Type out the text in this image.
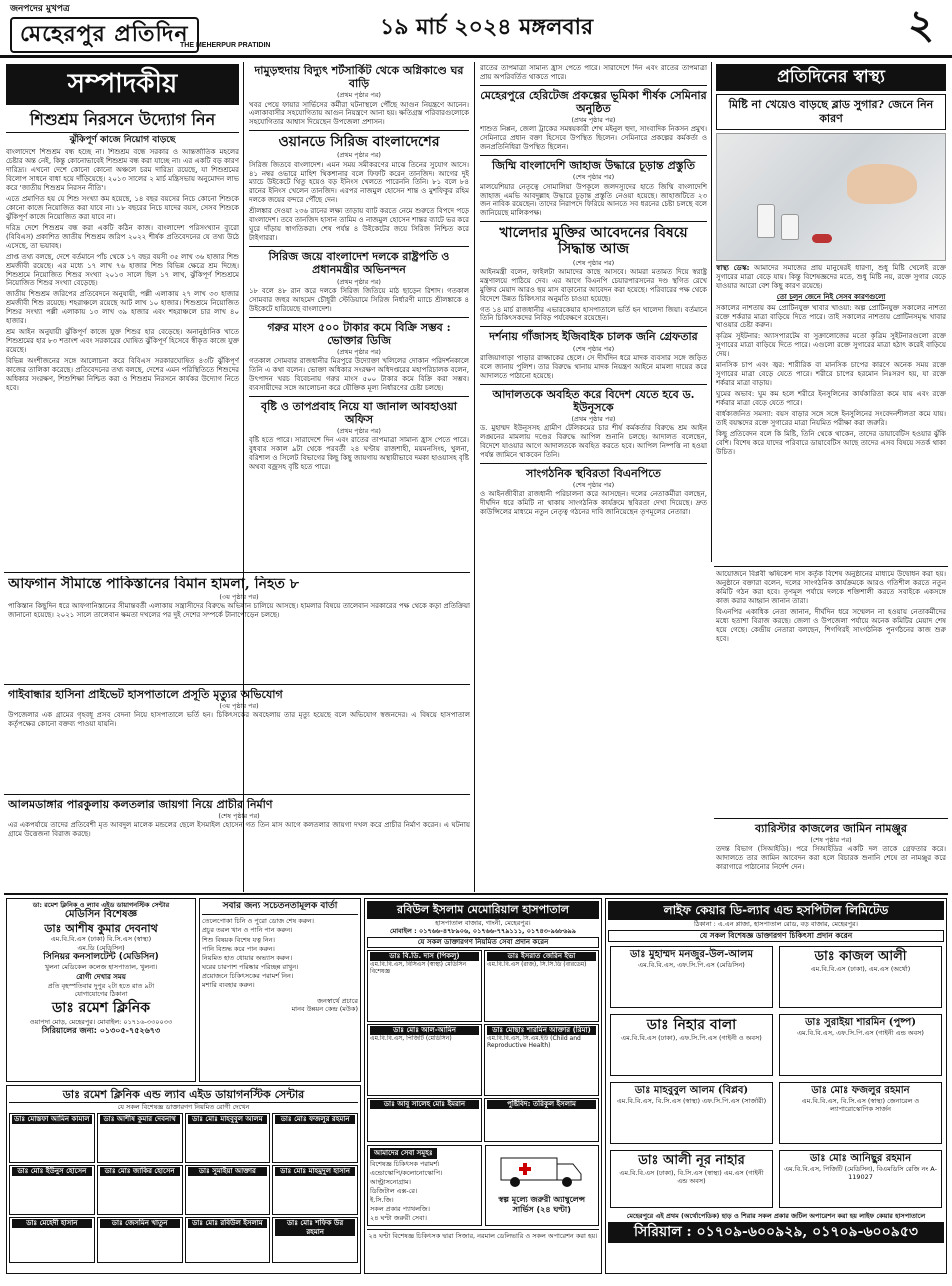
জনপদের মুখপত্র
মেহেরপুর প্রতিদিন
THE MEHERPUR PRATIDIN
১৯ মার্চ ২০২৪ মঙ্গলবার	২
সম্পাদকীয়
শিশুশ্রম নিরসনে উদ্যোগ নিন
ঝুঁকিপূর্ণ কাজে নিয়োগ বাড়ছে

বাংলাদেশে শিশুশ্রম বন্ধ হচ্ছে না। শিশুশ্রম বন্ধে সরকার ও আন্তর্জাতিক মহলের চেষ্টার অন্ত নেই, কিন্তু কোনোভাবেই শিশুশ্রম বন্ধ করা যাচ্ছে না। এর একটি বড় কারণ দারিদ্র্য। এখনো দেশে কোনো কোনো অঞ্চলে চরম দারিদ্র্য রয়েছে, যা শিশুশ্রমের বিলোপ সাধনে বাধা হয়ে দাঁড়িয়েছে। ২০১৩ সালের ২ মার্চ মন্ত্রিসভায় অনুমোদন লাভ করে 'জাতীয় শিশুশ্রম নিরসন নীতি'।

এতে প্রমাণিত হয় যে শিশু সংখ্যা কম হয়েছে, ১৪ বছর বয়সের নিচে কোনো শিশুকে কোনো কাজে নিয়োজিত করা যাবে না। ১৮ বছরের নিচে যাদের বয়স, সেসব শিশুকে ঝুঁকিপূর্ণ কাজে নিয়োজিত করা যাবে না।

দরিদ্র দেশে শিশুশ্রম বন্ধ করা একটি কঠিন কাজ। বাংলাদেশ পরিসংখ্যান ব্যুরো (বিবিএস) প্রকাশিত জাতীয় শিশুশ্রম জরিপ ২০২২ শীর্ষক প্রতিবেদনের যে তথ্য উঠে এসেছে, তা ভয়াবহ।

প্রাপ্ত তথ্য বলছে, দেশে বর্তমানে পাঁচ থেকে ১৭ বছর বয়সী ৩৫ লাখ ৩৬ হাজার শিশু শ্রমজীবী রয়েছে। এর মধ্যে ১৭ লাখ ৭৬ হাজার শিশু বিভিন্ন ক্ষেত্রে শ্রম দিচ্ছে। শিশুশ্রমে নিয়োজিত শিশুর সংখ্যা ২০১৩ সালে ছিল ১৭ লাখ, ঝুঁকিপূর্ণ শিশুশ্রমে নিয়োজিত শিশুর সংখ্যা বেড়েছে।

জাতীয় শিশুশ্রম জরিপের প্রতিবেদনে অনুযায়ী, পল্লী এলাকায় ২৭ লাখ ৩৩ হাজার শ্রমজীবী শিশু রয়েছে। শহরাঞ্চলে রয়েছে আট লাখ ১০ হাজার। শিশুশ্রমে নিয়োজিত শিশুর সংখ্যা পল্লী এলাকায় ১৩ লাখ ৩৯ হাজার এবং শহরাঞ্চলে চার লাখ ৪০ হাজার।

শ্রম আইন অনুযায়ী ঝুঁকিপূর্ণ কাজে যুক্ত শিশুর হার বেড়েছে। অনানুষ্ঠানিক খাতে শিশুশ্রমের হার ৮৩ শতাংশ এবং সরকারের ঘোষিত ঝুঁকিপূর্ণ হিসেবে স্বীকৃত কাজে যুক্ত রয়েছে।

বিভিন্ন অংশীজনের সঙ্গে আলোচনা করে বিবিএস সরকারঘোষিত ৪৩টি ঝুঁকিপূর্ণ কাজের তালিকা করেছে। প্রতিবেদনের তথ্য বলছে, দেশের এমন পরিস্থিতিতে শিশুদের অধিকার সংরক্ষণ, শিশুশিক্ষা নিশ্চিত করা ও শিশুশ্রম নিরসনে কার্যকর উদ্যোগ নিতে হবে।

আফগান সীমান্তে পাকিস্তানের বিমান হামলা, নিহত ৮
(৩য় পৃষ্ঠার পর)
পাকিস্তান কিছুদিন ধরে আফগানিস্তানের সীমান্তবর্তী এলাকায় সন্ত্রাসীদের বিরুদ্ধে অভিযান চালিয়ে আসছে। হামলার বিষয়ে তালেবান সরকারের পক্ষ থেকে কড়া প্রতিক্রিয়া জানানো হয়েছে। ২০২১ সালে তালেবান ক্ষমতা দখলের পর দুই দেশের সম্পর্কে টানাপোড়েন চলছে।
গাইবান্ধার হাসিনা প্রাইভেট হাসপাতালে প্রসূতি মৃত্যুর অভিযোগ
(৩য় পৃষ্ঠার পর)
উপজেলার এক গ্রামের গৃহবধূ প্রসব বেদনা নিয়ে হাসপাতালে ভর্তি হন। চিকিৎসকের অবহেলায় তার মৃত্যু হয়েছে বলে অভিযোগ স্বজনদের। এ বিষয়ে হাসপাতাল কর্তৃপক্ষের কোনো বক্তব্য পাওয়া যায়নি।
আলমডাঙ্গার পারকুলায় কলতলার জায়গা নিয়ে প্রাচীর নির্মাণ
(শেষ পৃষ্ঠার পর)
এর একপর্যায়ে তাদের প্রতিবেশী মৃত আবদুল মালেক মন্ডলের ছেলে ইসমাইল হোসেন গত তিন মাস আগে কলতলার জায়গা দখল করে প্রাচীর নির্মাণ করেন। এ ঘটনায় গ্রামে উত্তেজনা বিরাজ করছে।
দামুড়হুদায় বিদ্যুৎ শর্টসার্কিট থেকে অগ্নিকাণ্ডে ঘর বাড়ি
(প্রথম পৃষ্ঠার পর)
খবর পেয়ে ফায়ার সার্ভিসের কর্মীরা ঘটনাস্থলে পৌঁছে আগুন নিয়ন্ত্রণে আনেন। এলাকাবাসীর সহযোগিতায় আগুন নিয়ন্ত্রণে আনা হয়। ক্ষতিগ্রস্ত পরিবারগুলোকে সহযোগিতার আশ্বাস দিয়েছেন উপজেলা প্রশাসন।
ওয়ানডে সিরিজ বাংলাদেশের
(প্রথম পৃষ্ঠার পর)

সিরিজ জিতবে বাংলাদেশ। এমন সময় সমীকরণের মাঝে তিনের সুযোগ আসে। ৪১ নম্বর ওভারে মাহিশ থিকশানার বলে ফিফটি করেন তানজিদ। আগের দুই ম্যাচে উইকেটে থিতু হয়েও বড় ইনিংস খেলতে পারেননি তিনি। ৮১ বলে ৮৪ রানের ইনিংস খেলেন তানজিদ। এরপর নাজমুল হোসেন শান্ত ও মুশফিকুর রহিম দলকে জয়ের বন্দরে পৌঁছে দেন।

শ্রীলঙ্কার দেওয়া ২৩৬ রানের লক্ষ্য তাড়ায় ব্যাট করতে নেমে শুরুতে বিপদে পড়ে বাংলাদেশ। তবে তানজিদ হাসান তামিম ও নাজমুল হোসেন শান্তর ব্যাটে ভর করে ঘুরে দাঁড়ায় স্বাগতিকরা। শেষ পর্যন্ত ৪ উইকেটের জয়ে সিরিজ নিশ্চিত করে টাইগাররা।

সিরিজ জয়ে বাংলাদেশ দলকে রাষ্ট্রপতি ও প্রধানমন্ত্রীর অভিনন্দন
(প্রথম পৃষ্ঠার পর)
১৮ বলে ৪৮ রান করে দলকে সিরিজ জিতিয়ে মাঠ ছাড়েন রিশাদ। গতকাল সোমবার জহুর আহমেদ চৌধুরী স্টেডিয়ামে সিরিজ নির্ধারণী ম্যাচে শ্রীলঙ্কাকে ৪ উইকেটে হারিয়েছে বাংলাদেশ।
গরুর মাংস ৫০০ টাকার কমে বিক্রি সম্ভব : ভোক্তার ডিজি
(প্রথম পৃষ্ঠার পর)
গতকাল সোমবার রাজধানীর মিরপুরে উদ্যোক্তা খলিলের দোকান পরিদর্শনকালে তিনি এ কথা বলেন। ভোক্তা অধিকার সংরক্ষণ অধিদপ্তরের মহাপরিচালক বলেন, উৎপাদন খরচ বিবেচনায় গরুর মাংস ৫০০ টাকার কমে বিক্রি করা সম্ভব। ব্যবসায়ীদের সঙ্গে আলোচনা করে যৌক্তিক মূল্য নির্ধারণের চেষ্টা চলছে।
বৃষ্টি ও তাপপ্রবাহ নিয়ে যা জানাল আবহাওয়া অফিস
(প্রথম পৃষ্ঠার পর)
বৃষ্টি হতে পারে। সারাদেশে দিন এবং রাতের তাপমাত্রা সামান্য হ্রাস পেতে পারে। বুধবার সকাল ৯টা থেকে পরবর্তী ২৪ ঘণ্টায় রাজশাহী, ময়মনসিংহ, খুলনা, বরিশাল ও সিলেট বিভাগের কিছু কিছু জায়গায় অস্থায়ীভাবে দমকা হাওয়াসহ বৃষ্টি অথবা বজ্রসহ বৃষ্টি হতে পারে।
রাতের তাপমাত্রা সামান্য হ্রাস পেতে পারে। সারাদেশে দিন এবং রাতের তাপমাত্রা প্রায় অপরিবর্তিত থাকতে পারে।
মেহেরপুরে হেরিটেজ প্রকল্পের ভূমিকা শীর্ষক সেমিনার অনুষ্ঠিত
(প্রথম পৃষ্ঠার পর)
শাশুত নিপ্পন, জেলা ট্রাকের সমন্বয়কারী শেখ মইনুল হুদা, সাংবাদিক নিকসন প্রমুখ। সেমিনারে প্রধান বক্তা হিসেবে উপস্থিত ছিলেন। সেমিনারে প্রকল্পের কর্মকর্তা ও জনপ্রতিনিধিরা উপস্থিত ছিলেন।
জিম্মি বাংলাদেশি জাহাজ উদ্ধারে চূড়ান্ত প্রস্তুতি
(শেষ পৃষ্ঠার পর)
মালয়েশিয়ার নেতৃত্বে সোমালিয়া উপকূলে জলদস্যুদের হাতে জিম্মি বাংলাদেশি জাহাজ এমভি আবদুল্লাহ উদ্ধারে চূড়ান্ত প্রস্তুতি নেওয়া হয়েছে। জাহাজটিতে ২৩ জন নাবিক রয়েছেন। তাদের নিরাপদে ফিরিয়ে আনতে সব ধরনের চেষ্টা চলছে বলে জানিয়েছে মালিকপক্ষ।
খালেদার মুক্তির আবেদনের বিষয়ে সিদ্ধান্ত আজ
(শেষ পৃষ্ঠার পর)

আইনমন্ত্রী বলেন, ফাইলটা আমাদের কাছে আসবে। আমরা মতামত দিয়ে স্বরাষ্ট্র মন্ত্রণালয়ে পাঠিয়ে দেব। এর আগে বিএনপি চেয়ারপারসনের দণ্ড স্থগিত রেখে মুক্তির মেয়াদ আরও ছয় মাস বাড়ানোর আবেদন করা হয়েছে। পরিবারের পক্ষ থেকে বিদেশে উন্নত চিকিৎসার অনুমতি চাওয়া হয়েছে।

গত ১৪ মার্চ রাজধানীর এভারকেয়ার হাসপাতালে ভর্তি হন খালেদা জিয়া। বর্তমানে তিনি চিকিৎসকদের নিবিড় পর্যবেক্ষণে রয়েছেন।

দর্শনায় গাঁজাসহ ইজিবাইক চালক জনি গ্রেফতার
(শেষ পৃষ্ঠার পর)
রাজিয়াগাড়া পাড়ার রাজ্জাকের ছেলে। সে দীর্ঘদিন ধরে মাদক ব্যবসার সঙ্গে জড়িত বলে জানায় পুলিশ। তার বিরুদ্ধে থানায় মাদক নিয়ন্ত্রণ আইনে মামলা দায়ের করে আদালতে পাঠানো হয়েছে।
আদালতকে অবহিত করে বিদেশ যেতে হবে ড. ইউনূসকে
(প্রথম পৃষ্ঠার পর)
ড. মুহাম্মদ ইউনূসসহ গ্রামীণ টেলিকমের চার শীর্ষ কর্মকর্তার বিরুদ্ধে শ্রম আইন লঙ্ঘনের মামলায় দণ্ডের বিরুদ্ধে আপিল শুনানি চলছে। আদালত বলেছেন, বিদেশে যাওয়ার আগে আদালতকে অবহিত করতে হবে। আপিল নিষ্পত্তি না হওয়া পর্যন্ত জামিনে থাকবেন তিনি।
সাংগঠনিক স্থবিরতা বিএনপিতে
(শেষ পৃষ্ঠার পর)
ও আইনজীবীরা রাজধানী পরিচালনা করে আসছেন। দলের নেতাকর্মীরা বলছেন, দীর্ঘদিন ধরে কমিটি না থাকায় সাংগঠনিক কার্যক্রমে স্থবিরতা দেখা দিয়েছে। দ্রুত কাউন্সিলের মাধ্যমে নতুন নেতৃত্ব গঠনের দাবি জানিয়েছেন তৃণমূলের নেতারা।
প্রতিদিনের স্বাস্থ্য
মিষ্টি না খেয়েও বাড়ছে ব্লাড সুগার? জেনে নিন কারণ

স্বাস্থ্য ডেস্ক: আমাদের সমাজের প্রায় মানুষেরই ধারণা, শুধু মিষ্টি খেলেই রক্তে সুগারের মাত্রা বেড়ে যায়। কিন্তু বিশেষজ্ঞদের মতে, শুধু মিষ্টি নয়, রক্তে সুগার বেড়ে যাওয়ার আরো বেশ কিছু কারণ রয়েছে।

তো চলুন জেনে নিই সেসব কারণগুলো

সকালের নাশতায় কম প্রোটিনযুক্ত খাবার খাওয়া: অল্প প্রোটিনযুক্ত সকালের নাশতা রক্তে শর্করার মাত্রা বাড়িয়ে দিতে পারে। তাই সকালের নাশতায় প্রোটিনসমৃদ্ধ খাবার খাওয়ার চেষ্টা করুন।

কৃত্রিম সুইটনার: অ্যাসপারটেম বা সুক্রালোজের মতো কৃত্রিম সুইটনারগুলো রক্তে সুগারের মাত্রা বাড়িয়ে দিতে পারে। এগুলো রক্তে সুগারের মাত্রা হঠাৎ করেই বাড়িয়ে দেয়।

মানসিক চাপ এবং জ্বর: শারীরিক বা মানসিক চাপের কারণে অনেক সময় রক্তে সুগারের মাত্রা বেড়ে যেতে পারে। শরীরে চাপের হরমোন নিঃসরণ হয়, যা রক্তে শর্করার মাত্রা বাড়ায়।

ঘুমের অভাব: ঘুম কম হলে শরীরে ইনসুলিনের কার্যকারিতা কমে যায় এবং রক্তে শর্করার মাত্রা বেড়ে যেতে পারে।

বার্ধক্যজনিত সমস্যা: বয়স বাড়ার সঙ্গে সঙ্গে ইনসুলিনের সংবেদনশীলতা কমে যায়। তাই বয়স্কদের রক্তে সুগারের মাত্রা নিয়মিত পরীক্ষা করা জরুরি।

কিছু প্রতিবেদন বলে কি মিষ্টি, তিনি থেকে থাকেন, তাদের ডায়াবেটিস হওয়ার ঝুঁকি বেশি। বিশেষ করে যাদের পরিবারে ডায়াবেটিস আছে তাদের এসব বিষয়ে সতর্ক থাকা উচিত।

আয়োজনে বিপ্লবী ঋষিকেশ দাস কর্তৃক বিশেষ অনুষ্ঠানের মাধ্যমে উদ্বোধন করা হয়। অনুষ্ঠানে বক্তারা বলেন, দলের সাংগঠনিক কার্যক্রমকে আরও গতিশীল করতে নতুন কমিটি গঠন করা হবে। তৃণমূল পর্যায়ে দলকে শক্তিশালী করতে সবাইকে একসঙ্গে কাজ করার আহ্বান জানান তারা।

বিএনপির একাধিক নেতা জানান, দীর্ঘদিন ধরে সম্মেলন না হওয়ায় নেতাকর্মীদের মধ্যে হতাশা বিরাজ করছে। জেলা ও উপজেলা পর্যায়ে অনেক কমিটির মেয়াদ শেষ হয়ে গেছে। কেন্দ্রীয় নেতারা বলছেন, শিগগিরই সাংগঠনিক পুনর্গঠনের কাজ শুরু হবে।

ব্যারিস্টার কাজলের জামিন নামঞ্জুর
(শেষ পৃষ্ঠার পর)
তদন্ত বিভাগ (সিআইডি)। পরে সিআইডির একটি দল তাকে গ্রেফতার করে। আদালতে তার জামিন আবেদন করা হলে বিচারক শুনানি শেষে তা নামঞ্জুর করে কারাগারে পাঠানোর নির্দেশ দেন।
ডা: রমেশ ক্লিনিক ও ল্যাব এইড ডায়াগনস্টিক সেন্টার
মেডিসিন বিশেষজ্ঞ
ডাঃ আশীষ কুমার দেবনাথ
এম.বি.বি.এস (ঢাকা) বি.সি.এস (স্বাস্থ্য)
এম.ডি (মেডিসিন)
সিনিয়র কনসালটেন্ট (মেডিসিন)
খুলনা মেডিকেল কলেজ হাসপাতাল, খুলনা।
রোগী দেখার সময়
প্রতি বৃহস্পতিবার দুপুর ২টা হতে রাত ৯টা
যোগাযোগের ঠিকানা
ডাঃ রমেশ ক্লিনিক
ওয়াপদা মোড়, মেহেরপুর। মোবাইল: ০১৭১৬-৩৩০০৩৩
সিরিয়ালের জন্য: ০১৩০৫-৭৫২৬৭৩
সবার জন্য সচেতনতামূলক বার্তা
তেলেপোকা চিনি ও পুরো ডোজ শেষ করুন।
প্রচুর তরল খান ও পানি পান করুন।
শিশু বিষয়ক বিশেষ যত্ন নিন।
পানি বিশুদ্ধ করে পান করুন।
নিয়মিত হাত ধোয়ার অভ্যাস করুন।
ঘরের চারপাশ পরিষ্কার পরিচ্ছন্ন রাখুন।
প্রয়োজনে চিকিৎসকের পরামর্শ নিন।
মশারি ব্যবহার করুন।
জনস্বার্থে প্রচারে
মানব উন্নয়ন কেন্দ্র (মউক)
রবিউল ইসলাম মেমোরিয়াল হাসপাতাল
হাসপাতাল বাজার, গাংনী, মেহেরপুর।
মোবাইল : ০১৭৬৬-৪৭৮৯০৬, ০১৭৬৬-৭৭৯১১১, ০১৭৪৩-৯৬৮৬৯৯
যে সকল ডাক্তারগণ নিয়মিত সেবা প্রদান করেন
ডাঃ বি.ডি. দাস (পিকলু)
এম.বি.বি.এস, বিসিএস (স্বাস্থ্য) মেডিসিন বিশেষজ্ঞ
ডাঃ ইসরাত জেরিন ইভা
এম.বি.বি.এস (রাজ), সি.সি.ডি (বারডেম)
ডাঃ মোঃ আল-আমিন
এম.বি.বি.এস, পিজিটি (মেডিসিন)
ডাঃ মোছাঃ শারমিন আক্তার (রিমা)
এম.বি.বি.এস, সি.এম.ইউ (Child and Reproductive Health)
ডাঃ আবু সালেহ মোঃ ইমরান	পুষ্টিবিদ: তরিকুল ইসলাম
আমাদের সেবা সমূহঃ
বিশেষজ্ঞ চিকিৎসক পরামর্শ।
এন্ডোস্কোপি/কলোনোস্কোপি।
আল্ট্রাসনোগ্রাম।
ডিজিটাল এক্স-রে।
ই.সি.জি।
সকল প্রকার প্যাথলজি।
২৪ ঘণ্টা জরুরী সেবা।
স্বল্প মূল্যে জরুরী অ্যাম্বুলেন্স সার্ভিস (২৪ ঘণ্টা)
২৪ ঘণ্টা বিশেষজ্ঞ চিকিৎসক দ্বারা সিজার, নরমাল ডেলিভারি ও সকল অপারেশন করা হয়।
লাইফ কেয়ার ডি-ল্যাব এন্ড হসপিটাল লিমিটেড
ঠিকানা : এ.এন প্লাজা, হাসপাতাল রোড, বড় বাজার, মেহেরপুর।
যে সকল বিশেষজ্ঞ ডাক্তারগণ চিকিৎসা প্রদান করেন
ডাঃ মুহাম্মদ মনজুর-উল-আলম
এম.বি.বি.এস, এফ.সি.পি.এস (মেডিসিন)
ডাঃ কাজল আলী
এম.বি.বি.এস (ঢাকা), এম.এস (অর্থো)
ডাঃ নিহার বালা
এম.বি.বি.এস (ঢাকা), এফ.সি.পি.এস (গাইনী ও অবস)
ডাঃ সুরাইয়া শারমিন (পুষ্প)
এম.বি.বি.এস, এফ.সি.পি.এস (গাইনী এন্ড অবস)
ডাঃ মাহবুবুল আলম (বিপ্লব)
এম.বি.বি.এস, বি.সি.এস (স্বাস্থ্য) এফ.সি.পি.এস (সার্জারী)
ডাঃ মোঃ ফজলুর রহমান
এম.বি.বি.এস, বি.সি.এস (স্বাস্থ্য) জেনারেল ও ল্যাপারোস্কোপিক সার্জন
ডাঃ আলী নূর নাহার
এম.বি.বি.এস (ঢাকা), বি.সি.এস (স্বাস্থ্য) এম.এস (গাইনী এন্ড অবস)
ডাঃ মোঃ আনিছুর রহমান
এম.বি.বি.এস, পিজিটি (মেডিসিন), বিএমডিসি রেজি নং A-119027
মেহেরপুরে এই প্রথম (অর্থোপেডিক) হাড় ও শিরার সকল প্রকার জটিল অপারেশন করা হয় লাইফ কেয়ার হাসপাতালে
সিরিয়াল : ০১৭০৯-৬০০৯২৯, ০১৭০৯-৬০০৯৫৩
ডাঃ রমেশ ক্লিনিক এন্ড ল্যাব এইড ডায়াগনস্টিক সেন্টার
যে সকল বিশেষজ্ঞ ডাক্তারগণ নিয়মিত রোগী দেখেন
ডাঃ মোস্তফা আমিন কামাল	ডাঃ আশীষ কুমার দেবনাথ	ডাঃ মোঃ মাহবুবুল আলম	ডাঃ মোঃ ফজলুর রহমান
ডাঃ মোঃ ইউনুস হোসেন	ডাঃ মোঃ জাকির হোসেন	ডাঃ সুমাইয়া আক্তার	ডাঃ মোঃ মাহমুদুল হাসান
ডাঃ মেহেদী হাসান	ডাঃ জেসমিন খাতুন	ডাঃ মোঃ রবিউল ইসলাম	ডাঃ মোঃ শফিক উর রহমান
